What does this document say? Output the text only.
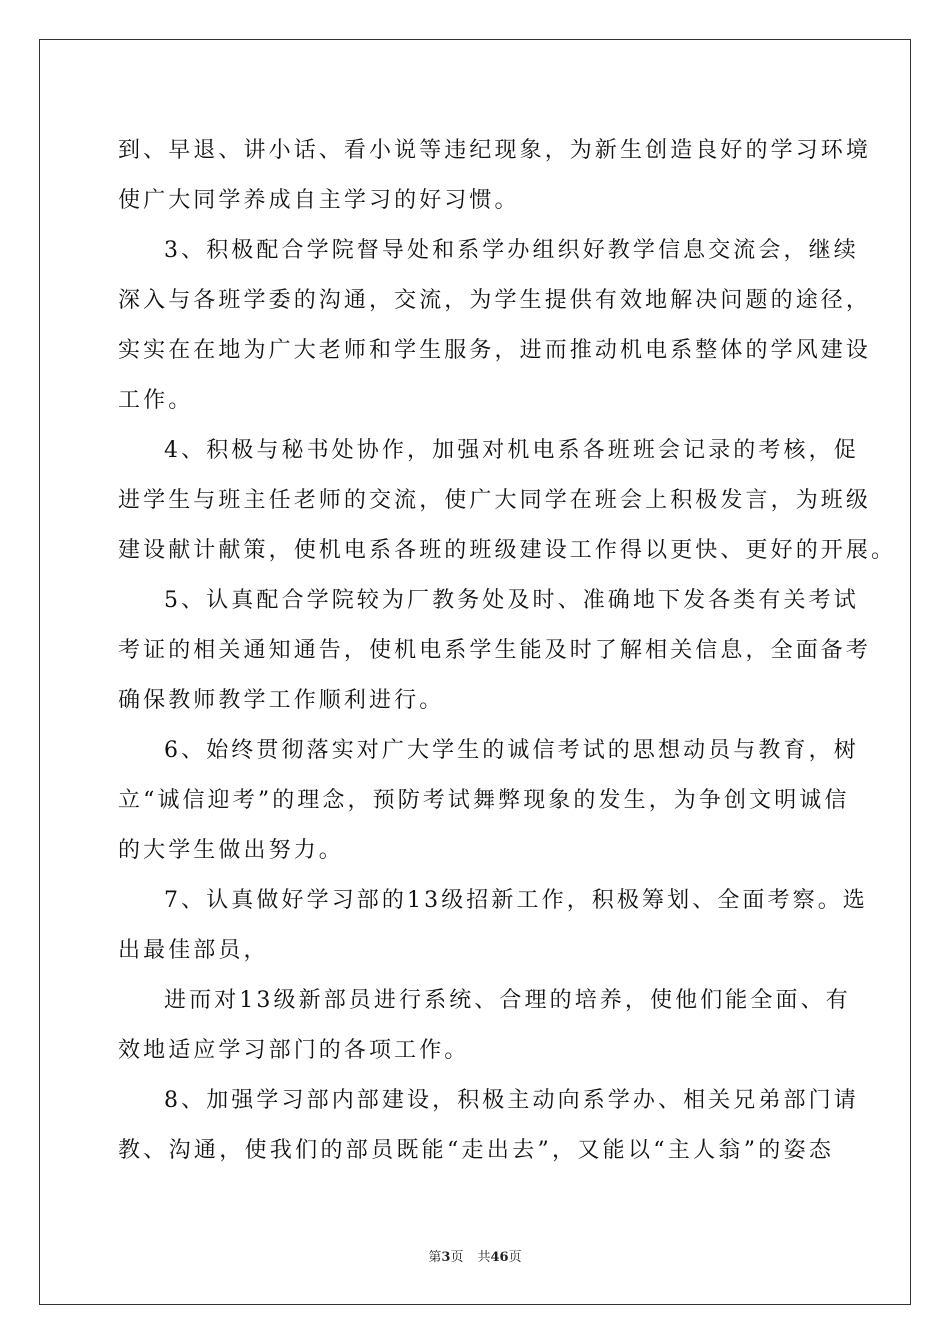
到、早退、讲小话、看小说等违纪现象，为新生创造良好的学习环境
使广大同学养成自主学习的好习惯。
3、积极配合学院督导处和系学办组织好教学信息交流会，继续
深入与各班学委的沟通，交流，为学生提供有效地解决问题的途径，
实实在在地为广大老师和学生服务，进而推动机电系整体的学风建设
工作。
4、积极与秘书处协作，加强对机电系各班班会记录的考核，促
进学生与班主任老师的交流，使广大同学在班会上积极发言，为班级
建设献计献策，使机电系各班的班级建设工作得以更快、更好的开展。
5、认真配合学院较为厂教务处及时、准确地下发各类有关考试
考证的相关通知通告，使机电系学生能及时了解相关信息，全面备考
确保教师教学工作顺利进行。
6、始终贯彻落实对广大学生的诚信考试的思想动员与教育，树
立“诚信迎考”的理念，预防考试舞弊现象的发生，为争创文明诚信
的大学生做出努力。
7、认真做好学习部的13级招新工作，积极筹划、全面考察。选
出最佳部员，
进而对13级新部员进行系统、合理的培养，使他们能全面、有
效地适应学习部门的各项工作。
8、加强学习部内部建设，积极主动向系学办、相关兄弟部门请
教、沟通，使我们的部员既能“走出去”，又能以“主人翁”的姿态
第3页 共46页
